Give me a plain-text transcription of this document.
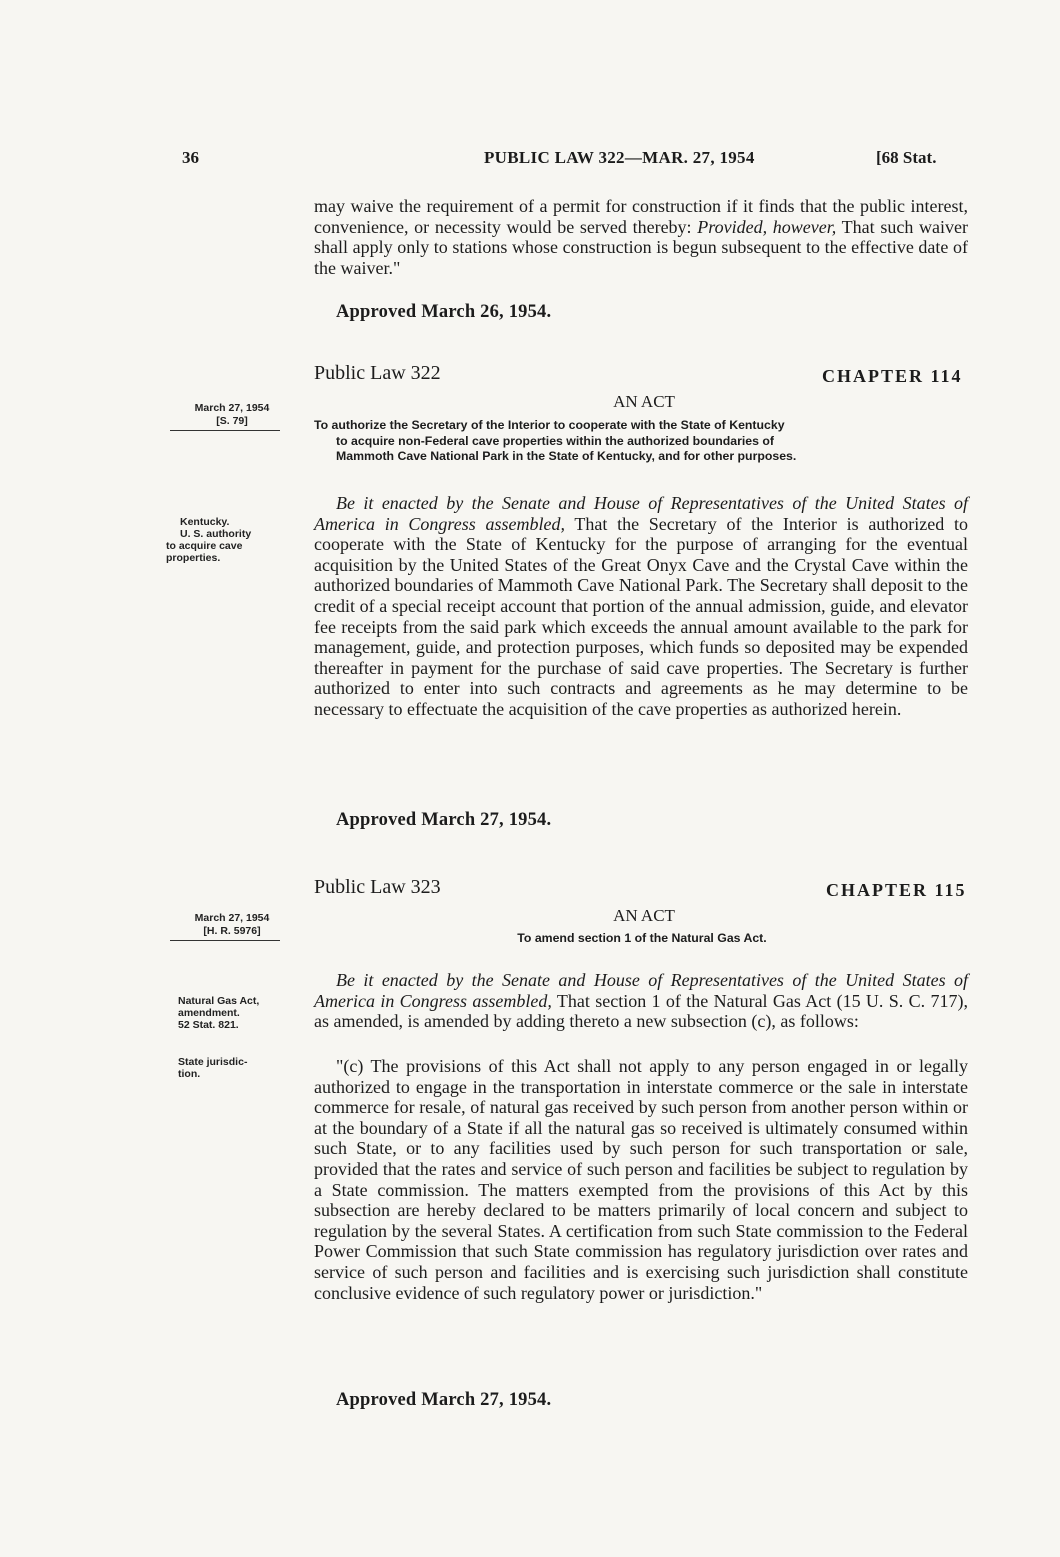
36	PUBLIC LAW 322—MAR. 27, 1954	[68 Stat.

may waive the requirement of a permit for construction if it finds that the public interest, convenience, or necessity would be served thereby: Provided, however, That such waiver shall apply only to stations whose construction is begun subsequent to the effective date of the waiver."

Approved March 26, 1954.
Public Law 322	CHAPTER 114
AN ACT
March 27, 1954
[S. 79]	To authorize the Secretary of the Interior to cooperate with the State of Kentucky
to acquire non-Federal cave properties within the authorized boundaries of
Mammoth Cave National Park in the State of Kentucky, and for other purposes.
Kentucky.
U. S. authority
to acquire cave
properties.

Be it enacted by the Senate and House of Representatives of the United States of America in Congress assembled, That the Secretary of the Interior is authorized to cooperate with the State of Kentucky for the purpose of arranging for the eventual acquisition by the United States of the Great Onyx Cave and the Crystal Cave within the authorized boundaries of Mammoth Cave National Park. The Secretary shall deposit to the credit of a special receipt account that portion of the annual admission, guide, and elevator fee receipts from the said park which exceeds the annual amount available to the park for management, guide, and protection purposes, which funds so deposited may be expended thereafter in payment for the purchase of said cave properties. The Secretary is further authorized to enter into such contracts and agreements as he may determine to be necessary to effectuate the acquisition of the cave properties as authorized herein.

Approved March 27, 1954.
Public Law 323	CHAPTER 115
AN ACT
March 27, 1954
[H. R. 5976]	To amend section 1 of the Natural Gas Act.
Natural Gas Act,
amendment.
52 Stat. 821.
State jurisdic-
tion.

Be it enacted by the Senate and House of Representatives of the United States of America in Congress assembled, That section 1 of the Natural Gas Act (15 U. S. C. 717), as amended, is amended by adding thereto a new subsection (c), as follows:

"(c) The provisions of this Act shall not apply to any person engaged in or legally authorized to engage in the transportation in interstate commerce or the sale in interstate commerce for resale, of natural gas received by such person from another person within or at the boundary of a State if all the natural gas so received is ultimately consumed within such State, or to any facilities used by such person for such transportation or sale, provided that the rates and service of such person and facilities be subject to regulation by a State commission. The matters exempted from the provisions of this Act by this subsection are hereby declared to be matters primarily of local concern and subject to regulation by the several States. A certification from such State commission to the Federal Power Commission that such State commission has regulatory jurisdiction over rates and service of such person and facilities and is exercising such jurisdiction shall constitute conclusive evidence of such regulatory power or jurisdiction."

Approved March 27, 1954.
